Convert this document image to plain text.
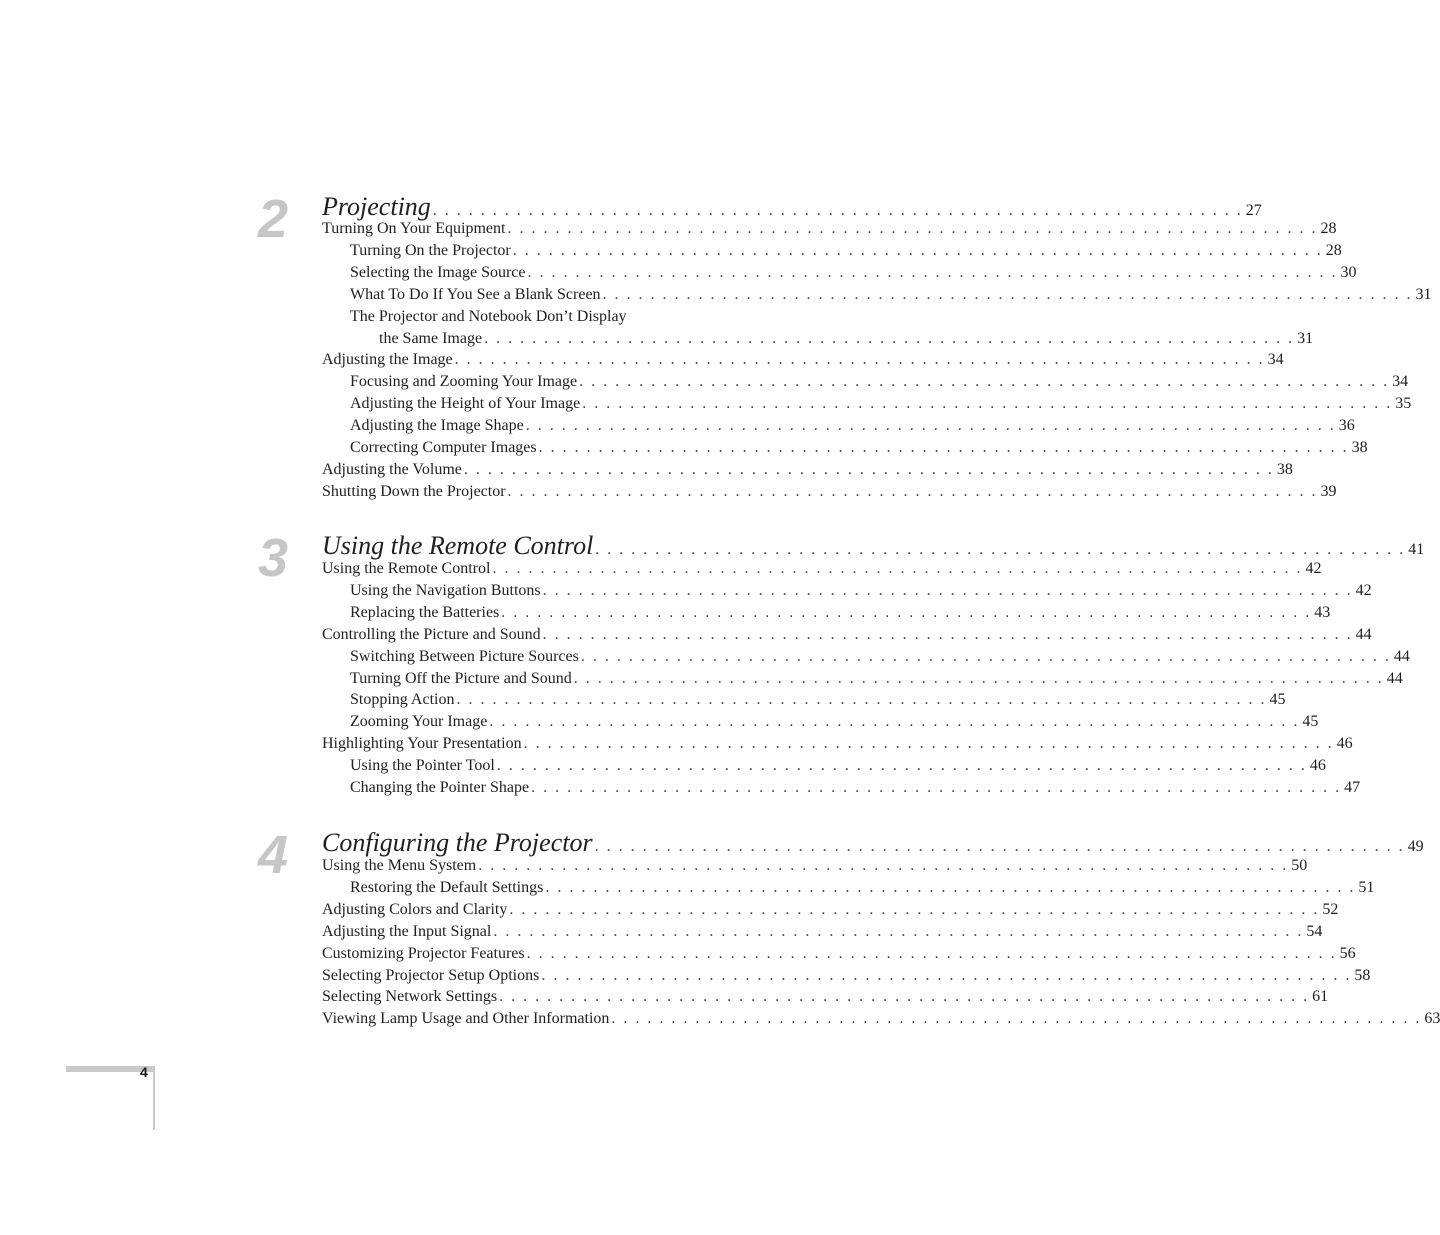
2	Projecting . . . . . . . . . . . . . . . . . . . . . . . . . . . . . . . . . . . . . . . . . . . . . . . . . . . . . . . . . . . . . . . . . . . . 27
Turning On Your Equipment . . . . . . . . . . . . . . . . . . . . . . . . . . . . . . . . . . . . . . . . . . . . . . . . . . . . . . . . . . . . . . . . . . . . 28
Turning On the Projector . . . . . . . . . . . . . . . . . . . . . . . . . . . . . . . . . . . . . . . . . . . . . . . . . . . . . . . . . . . . . . . . . . . . 28
Selecting the Image Source . . . . . . . . . . . . . . . . . . . . . . . . . . . . . . . . . . . . . . . . . . . . . . . . . . . . . . . . . . . . . . . . . . . . 30
What To Do If You See a Blank Screen . . . . . . . . . . . . . . . . . . . . . . . . . . . . . . . . . . . . . . . . . . . . . . . . . . . . . . . . . . . . . . . . . . . . 31
The Projector and Notebook Don’t Display
the Same Image . . . . . . . . . . . . . . . . . . . . . . . . . . . . . . . . . . . . . . . . . . . . . . . . . . . . . . . . . . . . . . . . . . . . 31
Adjusting the Image . . . . . . . . . . . . . . . . . . . . . . . . . . . . . . . . . . . . . . . . . . . . . . . . . . . . . . . . . . . . . . . . . . . . 34
Focusing and Zooming Your Image . . . . . . . . . . . . . . . . . . . . . . . . . . . . . . . . . . . . . . . . . . . . . . . . . . . . . . . . . . . . . . . . . . . . 34
Adjusting the Height of Your Image . . . . . . . . . . . . . . . . . . . . . . . . . . . . . . . . . . . . . . . . . . . . . . . . . . . . . . . . . . . . . . . . . . . . 35
Adjusting the Image Shape . . . . . . . . . . . . . . . . . . . . . . . . . . . . . . . . . . . . . . . . . . . . . . . . . . . . . . . . . . . . . . . . . . . . 36
Correcting Computer Images . . . . . . . . . . . . . . . . . . . . . . . . . . . . . . . . . . . . . . . . . . . . . . . . . . . . . . . . . . . . . . . . . . . . 38
Adjusting the Volume . . . . . . . . . . . . . . . . . . . . . . . . . . . . . . . . . . . . . . . . . . . . . . . . . . . . . . . . . . . . . . . . . . . . 38
Shutting Down the Projector . . . . . . . . . . . . . . . . . . . . . . . . . . . . . . . . . . . . . . . . . . . . . . . . . . . . . . . . . . . . . . . . . . . . 39
3	Using the Remote Control . . . . . . . . . . . . . . . . . . . . . . . . . . . . . . . . . . . . . . . . . . . . . . . . . . . . . . . . . . . . . . . . . . . . 41
Using the Remote Control . . . . . . . . . . . . . . . . . . . . . . . . . . . . . . . . . . . . . . . . . . . . . . . . . . . . . . . . . . . . . . . . . . . . 42
Using the Navigation Buttons . . . . . . . . . . . . . . . . . . . . . . . . . . . . . . . . . . . . . . . . . . . . . . . . . . . . . . . . . . . . . . . . . . . . 42
Replacing the Batteries . . . . . . . . . . . . . . . . . . . . . . . . . . . . . . . . . . . . . . . . . . . . . . . . . . . . . . . . . . . . . . . . . . . . 43
Controlling the Picture and Sound . . . . . . . . . . . . . . . . . . . . . . . . . . . . . . . . . . . . . . . . . . . . . . . . . . . . . . . . . . . . . . . . . . . . 44
Switching Between Picture Sources . . . . . . . . . . . . . . . . . . . . . . . . . . . . . . . . . . . . . . . . . . . . . . . . . . . . . . . . . . . . . . . . . . . . 44
Turning Off the Picture and Sound . . . . . . . . . . . . . . . . . . . . . . . . . . . . . . . . . . . . . . . . . . . . . . . . . . . . . . . . . . . . . . . . . . . . 44
Stopping Action . . . . . . . . . . . . . . . . . . . . . . . . . . . . . . . . . . . . . . . . . . . . . . . . . . . . . . . . . . . . . . . . . . . . 45
Zooming Your Image . . . . . . . . . . . . . . . . . . . . . . . . . . . . . . . . . . . . . . . . . . . . . . . . . . . . . . . . . . . . . . . . . . . . 45
Highlighting Your Presentation . . . . . . . . . . . . . . . . . . . . . . . . . . . . . . . . . . . . . . . . . . . . . . . . . . . . . . . . . . . . . . . . . . . . 46
Using the Pointer Tool . . . . . . . . . . . . . . . . . . . . . . . . . . . . . . . . . . . . . . . . . . . . . . . . . . . . . . . . . . . . . . . . . . . . 46
Changing the Pointer Shape . . . . . . . . . . . . . . . . . . . . . . . . . . . . . . . . . . . . . . . . . . . . . . . . . . . . . . . . . . . . . . . . . . . . 47
4	Configuring the Projector . . . . . . . . . . . . . . . . . . . . . . . . . . . . . . . . . . . . . . . . . . . . . . . . . . . . . . . . . . . . . . . . . . . . 49
Using the Menu System . . . . . . . . . . . . . . . . . . . . . . . . . . . . . . . . . . . . . . . . . . . . . . . . . . . . . . . . . . . . . . . . . . . . 50
Restoring the Default Settings . . . . . . . . . . . . . . . . . . . . . . . . . . . . . . . . . . . . . . . . . . . . . . . . . . . . . . . . . . . . . . . . . . . . 51
Adjusting Colors and Clarity . . . . . . . . . . . . . . . . . . . . . . . . . . . . . . . . . . . . . . . . . . . . . . . . . . . . . . . . . . . . . . . . . . . . 52
Adjusting the Input Signal . . . . . . . . . . . . . . . . . . . . . . . . . . . . . . . . . . . . . . . . . . . . . . . . . . . . . . . . . . . . . . . . . . . . 54
Customizing Projector Features . . . . . . . . . . . . . . . . . . . . . . . . . . . . . . . . . . . . . . . . . . . . . . . . . . . . . . . . . . . . . . . . . . . . 56
Selecting Projector Setup Options . . . . . . . . . . . . . . . . . . . . . . . . . . . . . . . . . . . . . . . . . . . . . . . . . . . . . . . . . . . . . . . . . . . . 58
Selecting Network Settings . . . . . . . . . . . . . . . . . . . . . . . . . . . . . . . . . . . . . . . . . . . . . . . . . . . . . . . . . . . . . . . . . . . . 61
Viewing Lamp Usage and Other Information . . . . . . . . . . . . . . . . . . . . . . . . . . . . . . . . . . . . . . . . . . . . . . . . . . . . . . . . . . . . . . . . . . . . 63
4
